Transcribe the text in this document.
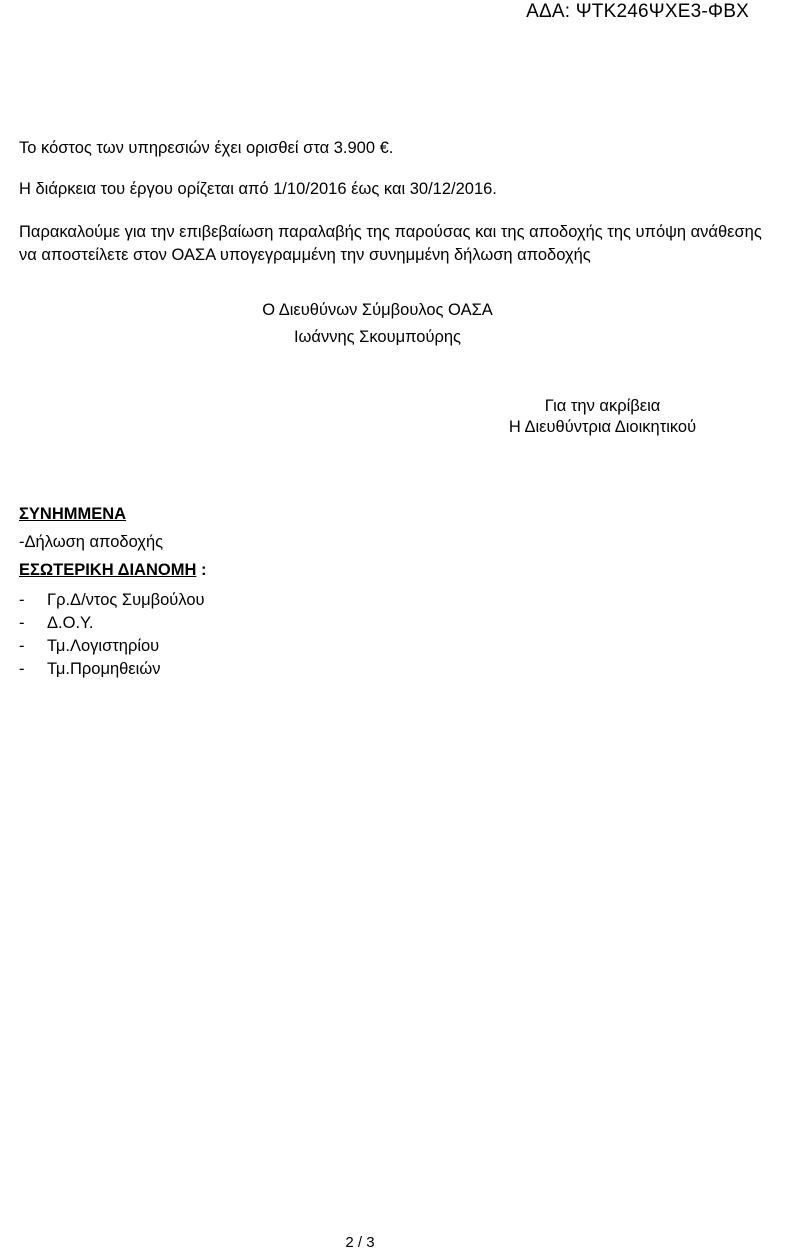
ΑΔΑ: ΨΤΚ246ΨΧΕ3-ΦΒΧ

Το κόστος των υπηρεσιών έχει ορισθεί στα 3.900 €.

Η διάρκεια του έργου ορίζεται από 1/10/2016 έως και 30/12/2016.

Παρακαλούμε για την επιβεβαίωση παραλαβής της παρούσας και της αποδοχής της υπόψη ανάθεσης να αποστείλετε στον ΟΑΣΑ υπογεγραμμένη την συνημμένη δήλωση αποδοχής

Ο Διευθύνων Σύμβουλος ΟΑΣΑ
Ιωάννης Σκουμπούρης
Για την ακρίβεια
Η Διευθύντρια Διοικητικού
ΣΥΝΗΜΜΕΝΑ
-Δήλωση αποδοχής
ΕΣΩΤΕΡΙΚΗ ΔΙΑΝΟΜΗ :
-	Γρ.Δ/ντος Συμβούλου
-	Δ.Ο.Υ.
-	Τμ.Λογιστηρίου
-	Τμ.Προμηθειών
2 / 3
